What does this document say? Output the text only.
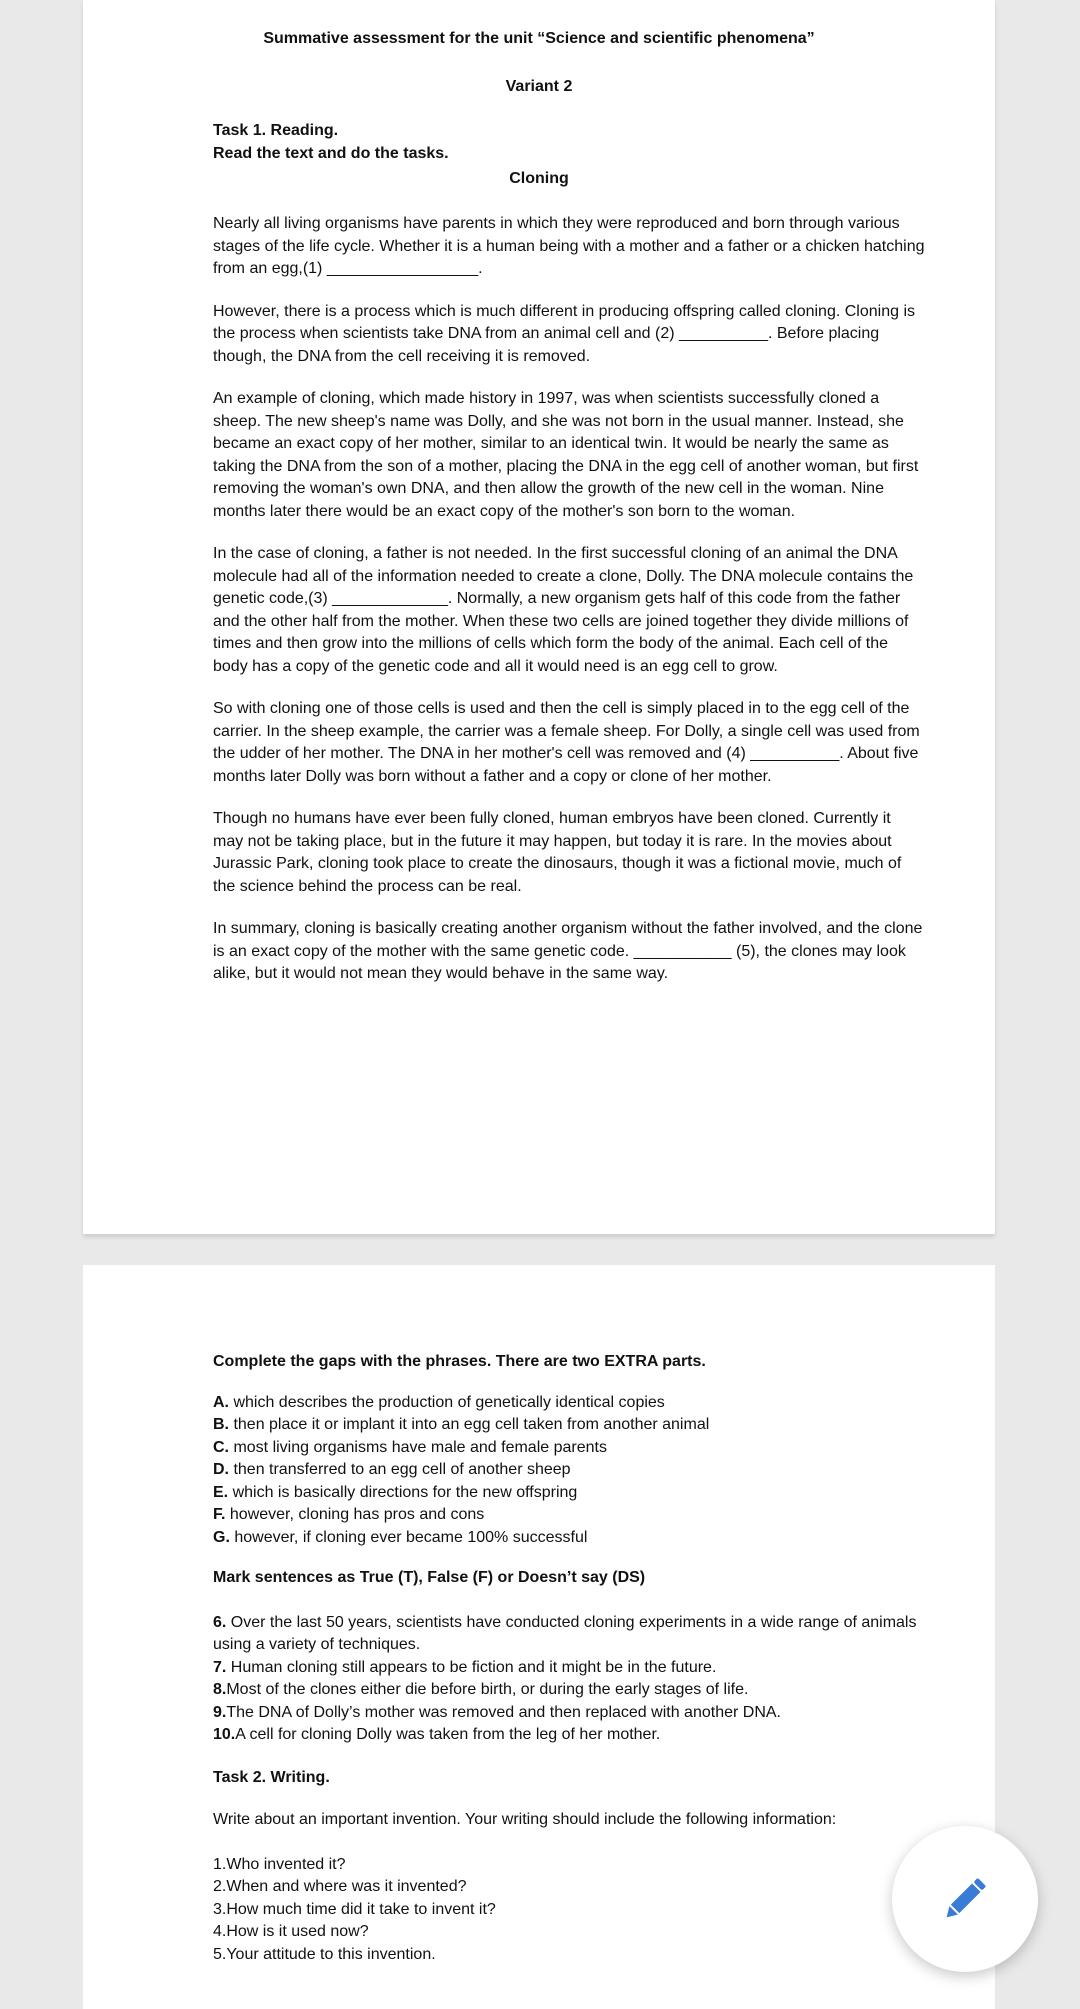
Summative assessment for the unit “Science and scientific phenomena”
Variant 2

Task 1. Reading.

Read the text and do the tasks.

Cloning

Nearly all living organisms have parents in which they were reproduced and born through various stages of the life cycle. Whether it is a human being with a mother and a father or a chicken hatching from an egg,(1) _________________.

However, there is a process which is much different in producing offspring called cloning. Cloning is the process when scientists take DNA from an animal cell and (2) __________. Before placing though, the DNA from the cell receiving it is removed.

An example of cloning, which made history in 1997, was when scientists successfully cloned a sheep. The new sheep's name was Dolly, and she was not born in the usual manner. Instead, she became an exact copy of her mother, similar to an identical twin. It would be nearly the same as taking the DNA from the son of a mother, placing the DNA in the egg cell of another woman, but first removing the woman's own DNA, and then allow the growth of the new cell in the woman. Nine months later there would be an exact copy of the mother's son born to the woman.

In the case of cloning, a father is not needed. In the first successful cloning of an animal the DNA molecule had all of the information needed to create a clone, Dolly. The DNA molecule contains the genetic code,(3) _____________. Normally, a new organism gets half of this code from the father and the other half from the mother. When these two cells are joined together they divide millions of times and then grow into the millions of cells which form the body of the animal. Each cell of the body has a copy of the genetic code and all it would need is an egg cell to grow.

So with cloning one of those cells is used and then the cell is simply placed in to the egg cell of the carrier. In the sheep example, the carrier was a female sheep. For Dolly, a single cell was used from the udder of her mother. The DNA in her mother's cell was removed and (4) __________. About five months later Dolly was born without a father and a copy or clone of her mother.

Though no humans have ever been fully cloned, human embryos have been cloned. Currently it may not be taking place, but in the future it may happen, but today it is rare. In the movies about Jurassic Park, cloning took place to create the dinosaurs, though it was a fictional movie, much of the science behind the process can be real.

In summary, cloning is basically creating another organism without the father involved, and the clone is an exact copy of the mother with the same genetic code. ___________ (5), the clones may look alike, but it would not mean they would behave in the same way.

Complete the gaps with the phrases. There are two EXTRA parts.

A. which describes the production of genetically identical copies

B. then place it or implant it into an egg cell taken from another animal

C. most living organisms have male and female parents

D. then transferred to an egg cell of another sheep

E. which is basically directions for the new offspring

F. however, cloning has pros and cons

G. however, if cloning ever became 100% successful

Mark sentences as True (T), False (F) or Doesn’t say (DS)

6. Over the last 50 years, scientists have conducted cloning experiments in a wide range of animals using a variety of techniques.

7. Human cloning still appears to be fiction and it might be in the future.

8.Most of the clones either die before birth, or during the early stages of life.

9.The DNA of Dolly’s mother was removed and then replaced with another DNA.

10.A cell for cloning Dolly was taken from the leg of her mother.

Task 2. Writing.

Write about an important invention. Your writing should include the following information:

1.Who invented it?

2.When and where was it invented?

3.How much time did it take to invent it?

4.How is it used now?

5.Your attitude to this invention.
